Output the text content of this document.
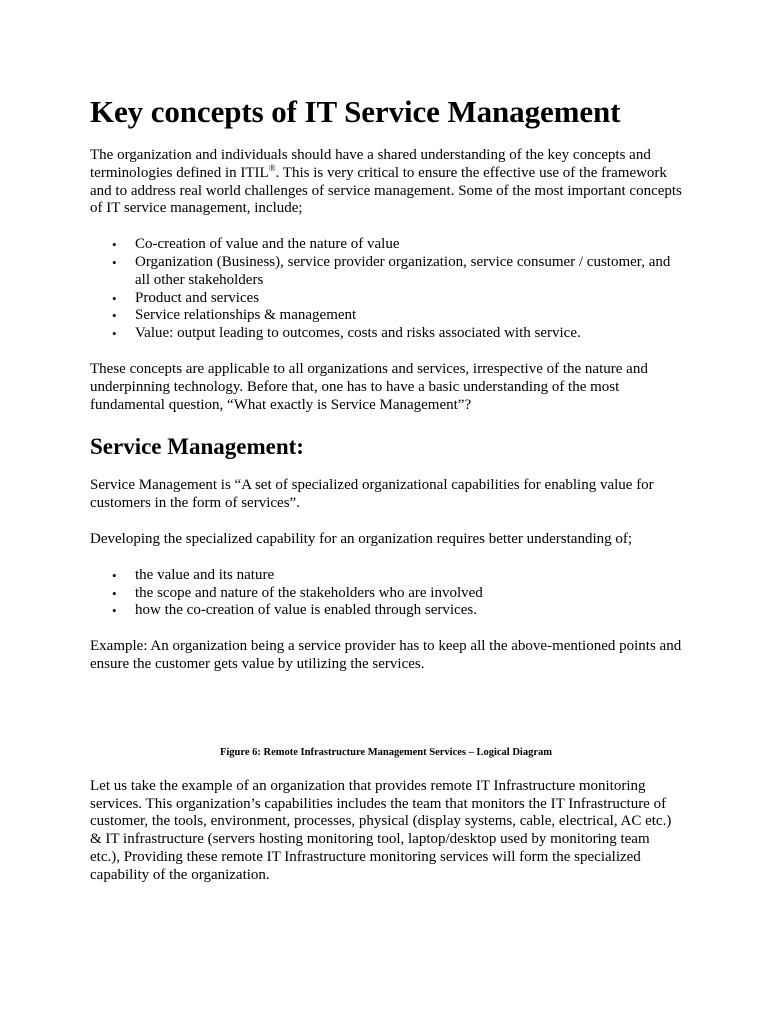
Key concepts of IT Service Management

The organization and individuals should have a shared understanding of the key concepts and terminologies defined in ITIL®. This is very critical to ensure the effective use of the framework and to address real world challenges of service management. Some of the most important concepts of IT service management, include;

• Co-creation of value and the nature of value
• Organization (Business), service provider organization, service consumer / customer, and all other stakeholders
• Product and services
• Service relationships & management
• Value: output leading to outcomes, costs and risks associated with service.

These concepts are applicable to all organizations and services, irrespective of the nature and underpinning technology. Before that, one has to have a basic understanding of the most fundamental question, “What exactly is Service Management”?

Service Management:

Service Management is “A set of specialized organizational capabilities for enabling value for customers in the form of services”.

Developing the specialized capability for an organization requires better understanding of;

• the value and its nature
• the scope and nature of the stakeholders who are involved
• how the co-creation of value is enabled through services.

Example: An organization being a service provider has to keep all the above-mentioned points and ensure the customer gets value by utilizing the services.

Figure 6: Remote Infrastructure Management Services – Logical Diagram

Let us take the example of an organization that provides remote IT Infrastructure monitoring services. This organization’s capabilities includes the team that monitors the IT Infrastructure of customer, the tools, environment, processes, physical (display systems, cable, electrical, AC etc.) & IT infrastructure (servers hosting monitoring tool, laptop/desktop used by monitoring team etc.), Providing these remote IT Infrastructure monitoring services will form the specialized capability of the organization.
